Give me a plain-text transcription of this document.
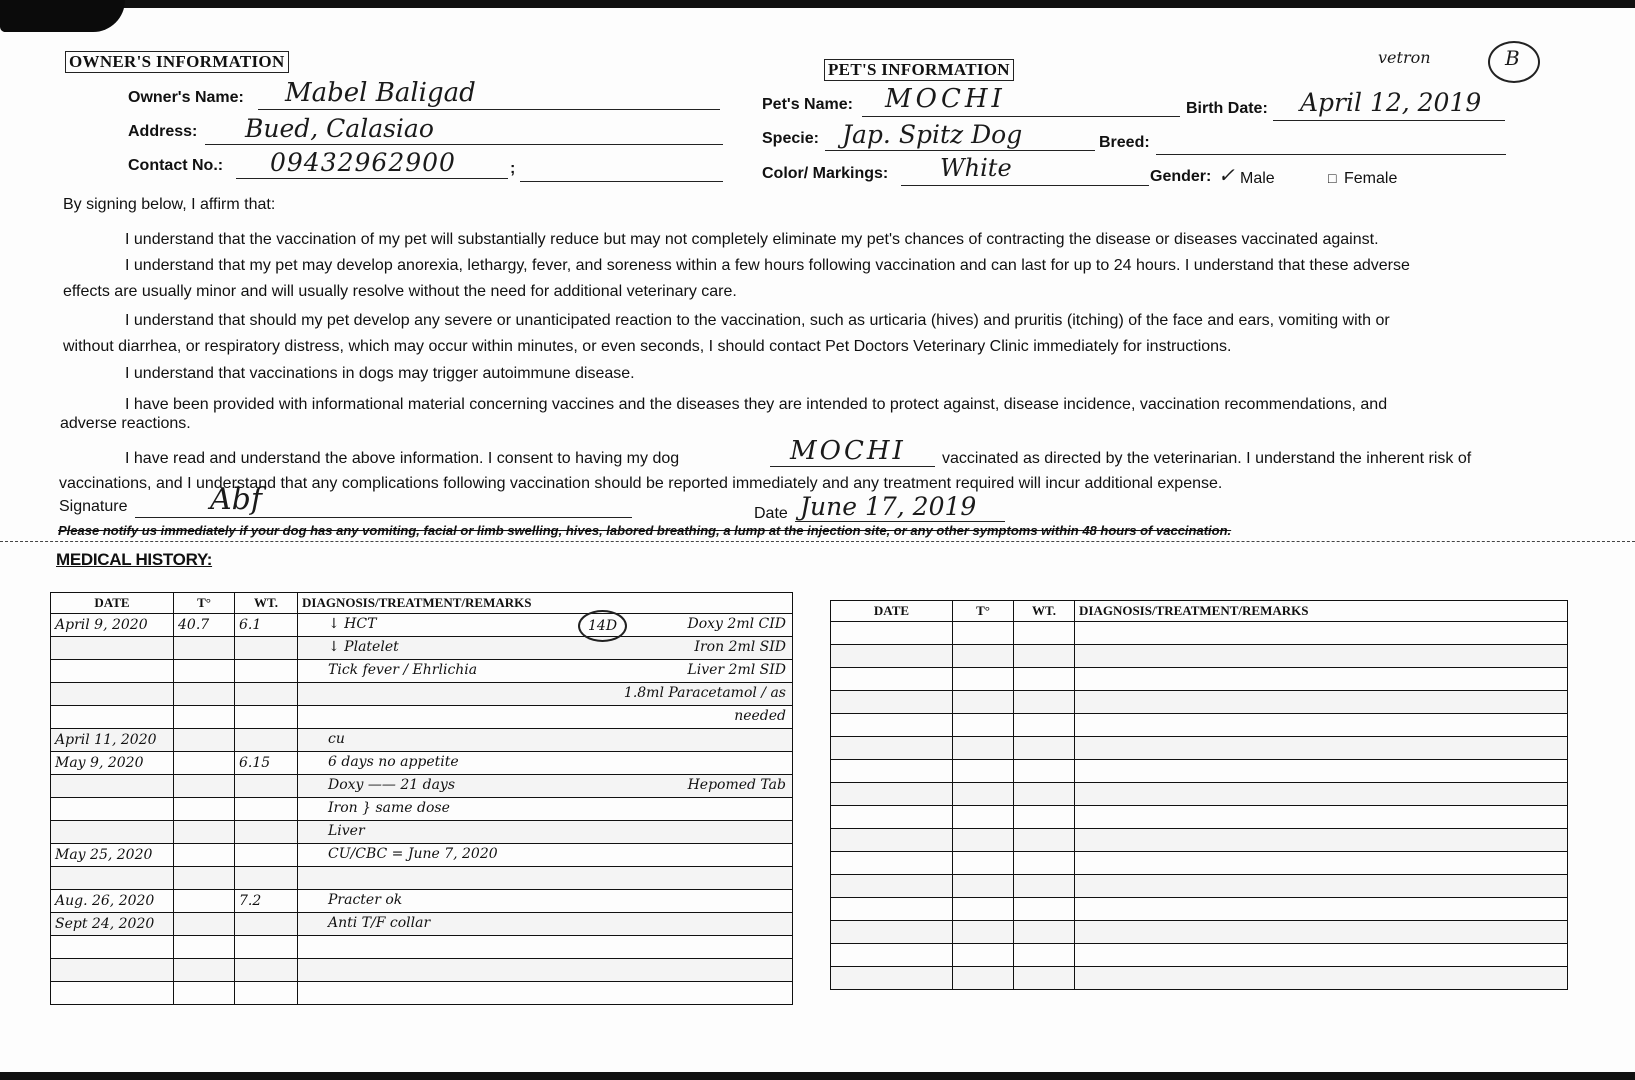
OWNER'S INFORMATION
Owner's Name: Mabel Baligad
Address: Bued, Calasiao
Contact No.: 09432962900	;
PET'S INFORMATION
vetron	B
Pet's Name: MOCHI	Birth Date: April 12, 2019
Specie: Jap. Spitz Dog	Breed:
Color/ Markings: White	Gender: ✓ Male	□ Female
By signing below, I affirm that:
I understand that the vaccination of my pet will substantially reduce but may not completely eliminate my pet's chances of contracting the disease or diseases vaccinated against.
I understand that my pet may develop anorexia, lethargy, fever, and soreness within a few hours following vaccination and can last for up to 24 hours. I understand that these adverse
effects are usually minor and will usually resolve without the need for additional veterinary care.
I understand that should my pet develop any severe or unanticipated reaction to the vaccination, such as urticaria (hives) and pruritis (itching) of the face and ears, vomiting with or
without diarrhea, or respiratory distress, which may occur within minutes, or even seconds, I should contact Pet Doctors Veterinary Clinic immediately for instructions.
I understand that vaccinations in dogs may trigger autoimmune disease.
I have been provided with informational material concerning vaccines and the diseases they are intended to protect against, disease incidence, vaccination recommendations, and
adverse reactions.
I have read and understand the above information. I consent to having my dog	MOCHI vaccinated as directed by the veterinarian. I understand the inherent risk of
vaccinations, and I understand that any complications following vaccination should be reported immediately and any treatment required will incur additional expense.
Signature	Abf	Date June 17, 2019
Please notify us immediately if your dog has any vomiting, facial or limb swelling, hives, labored breathing, a lump at the injection site, or any other symptoms within 48 hours of vaccination.
MEDICAL HISTORY:
DATE	T°	WT.	DIAGNOSIS/TREATMENT/REMARKS
April 9, 2020	40.7	6.1	↓ HCT Doxy 2ml CID
14D

			↓ Platelet Iron 2ml SID

			Tick fever / Ehrlichia Liver 2ml SID

			1.8ml Paracetamol / as

			needed

April 11, 2020			cu

May 9, 2020		6.15	6 days no appetite

			Doxy —— 21 days Hepomed Tab

			Iron } same dose

			Liver

May 25, 2020			CU/CBC = June 7, 2020

Aug. 26, 2020		7.2	Practer ok

Sept 24, 2020			Anti T/F collar

DATE	T°	WT.	DIAGNOSIS/TREATMENT/REMARKS
